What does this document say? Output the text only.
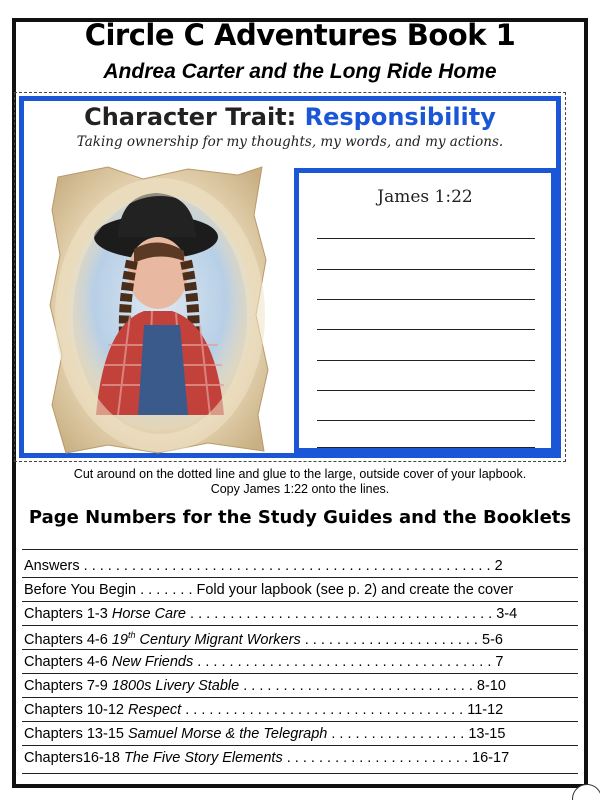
Circle C Adventures Book 1
Andrea Carter and the Long Ride Home
Character Trait: Responsibility
Taking ownership for my thoughts, my words, and my actions.
James 1:22
Cut around on the dotted line and glue to the large, outside cover of your lapbook.
Copy James 1:22 onto the lines.
Page Numbers for the Study Guides and the Booklets
Answers . . . . . . . . . . . . . . . . . . . . . . . . . . . . . . . . . . . . . . . . . . . . . . . . . . . 2
Before You Begin . . . . . . . Fold your lapbook (see p. 2) and create the cover
Chapters 1-3 Horse Care . . . . . . . . . . . . . . . . . . . . . . . . . . . . . . . . . . . . . . 3-4
Chapters 4-6 19th Century Migrant Workers . . . . . . . . . . . . . . . . . . . . . . 5-6
Chapters 4-6 New Friends . . . . . . . . . . . . . . . . . . . . . . . . . . . . . . . . . . . . . 7
Chapters 7-9 1800s Livery Stable . . . . . . . . . . . . . . . . . . . . . . . . . . . . . 8-10
Chapters 10-12 Respect . . . . . . . . . . . . . . . . . . . . . . . . . . . . . . . . . . . 11-12
Chapters 13-15 Samuel Morse & the Telegraph . . . . . . . . . . . . . . . . . 13-15
Chapters16-18 The Five Story Elements . . . . . . . . . . . . . . . . . . . . . . . 16-17
